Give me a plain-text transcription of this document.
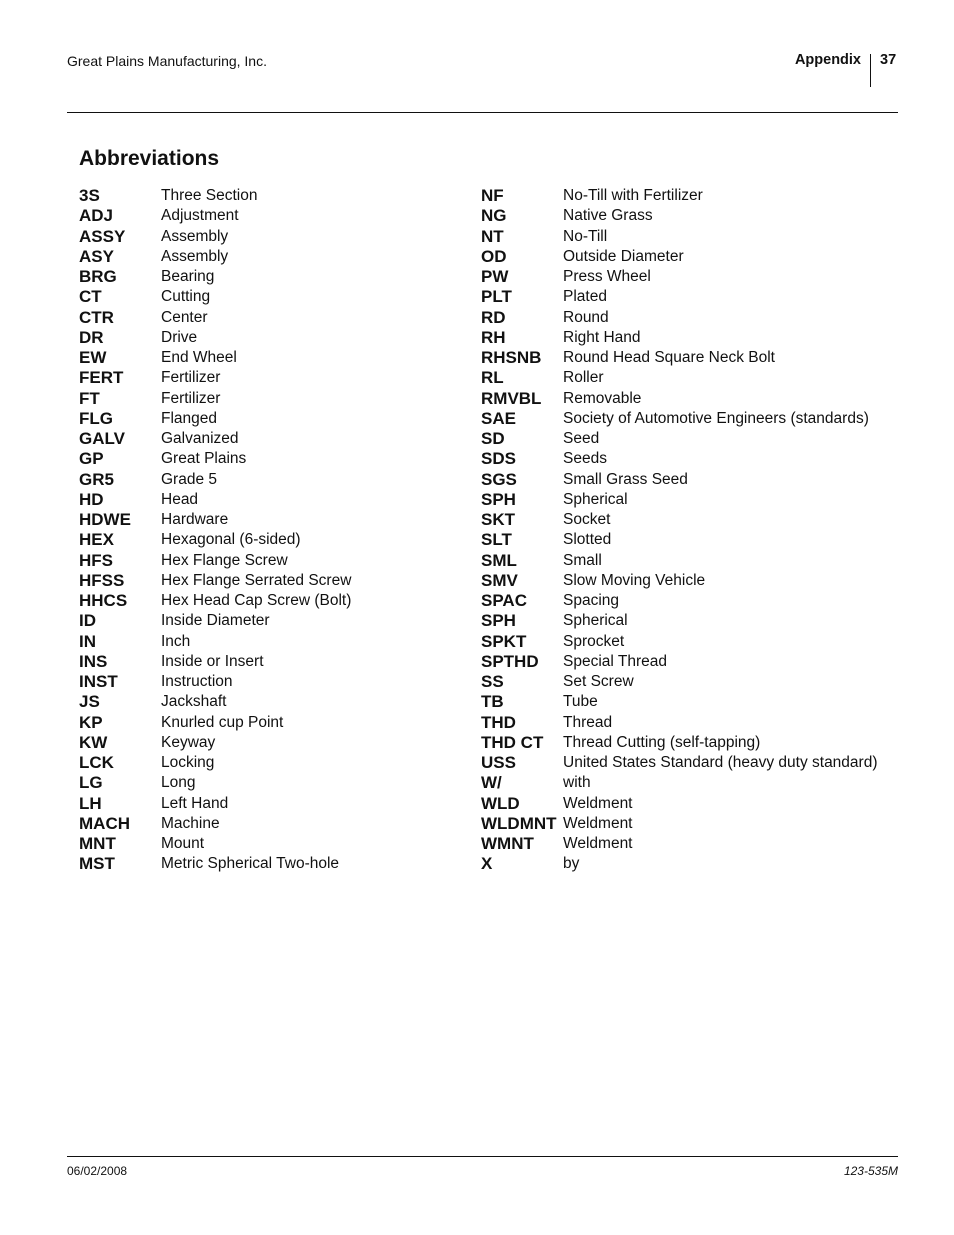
Great Plains Manufacturing, Inc.	Appendix 37
Abbreviations
3S	Three Section
ADJ	Adjustment
ASSY	Assembly
ASY	Assembly
BRG	Bearing
CT	Cutting
CTR	Center
DR	Drive
EW	End Wheel
FERT	Fertilizer
FT	Fertilizer
FLG	Flanged
GALV	Galvanized
GP	Great Plains
GR5	Grade 5
HD	Head
HDWE	Hardware
HEX	Hexagonal (6-sided)
HFS	Hex Flange Screw
HFSS	Hex Flange Serrated Screw
HHCS	Hex Head Cap Screw (Bolt)
ID	Inside Diameter
IN	Inch
INS	Inside or Insert
INST	Instruction
JS	Jackshaft
KP	Knurled cup Point
KW	Keyway
LCK	Locking
LG	Long
LH	Left Hand
MACH	Machine
MNT	Mount
MST	Metric Spherical Two-hole
NF	No-Till with Fertilizer
NG	Native Grass
NT	No-Till
OD	Outside Diameter
PW	Press Wheel
PLT	Plated
RD	Round
RH	Right Hand
RHSNB	Round Head Square Neck Bolt
RL	Roller
RMVBL	Removable
SAE	Society of Automotive Engineers (standards)
SD	Seed
SDS	Seeds
SGS	Small Grass Seed
SPH	Spherical
SKT	Socket
SLT	Slotted
SML	Small
SMV	Slow Moving Vehicle
SPAC	Spacing
SPH	Spherical
SPKT	Sprocket
SPTHD	Special Thread
SS	Set Screw
TB	Tube
THD	Thread
THD CT	Thread Cutting (self-tapping)
USS	United States Standard (heavy duty standard)
W/	with
WLD	Weldment
WLDMNT Weldment
WMNT	Weldment
X	by
06/02/2008	123-535M
